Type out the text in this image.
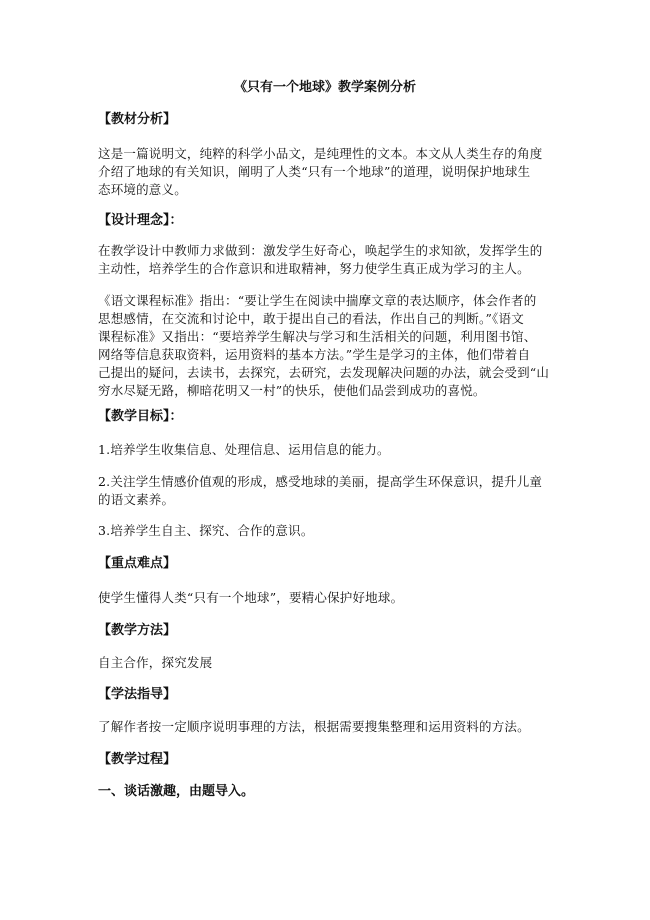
《只有一个地球》教学案例分析
【教材分析】
这是一篇说明文，纯粹的科学小品文，是纯理性的文本。本文从人类生存的角度
介绍了地球的有关知识，阐明了人类“只有一个地球”的道理，说明保护地球生
态环境的意义。
【设计理念】：
在教学设计中教师力求做到：激发学生好奇心，唤起学生的求知欲，发挥学生的
主动性，培养学生的合作意识和进取精神，努力使学生真正成为学习的主人。
《语文课程标准》指出：“要让学生在阅读中揣摩文章的表达顺序，体会作者的
思想感情，在交流和讨论中，敢于提出自己的看法，作出自己的判断。”《语文
课程标准》又指出：“要培养学生解决与学习和生活相关的问题，利用图书馆、
网络等信息获取资料，运用资料的基本方法。”学生是学习的主体，他们带着自
己提出的疑问，去读书，去探究，去研究，去发现解决问题的办法，就会受到“山
穷水尽疑无路，柳暗花明又一村”的快乐，使他们品尝到成功的喜悦。
【教学目标】：
1.培养学生收集信息、处理信息、运用信息的能力。
2.关注学生情感价值观的形成，感受地球的美丽，提高学生环保意识，提升儿童
的语文素养。
3.培养学生自主、探究、合作的意识。
【重点难点】
使学生懂得人类“只有一个地球”，要精心保护好地球。
【教学方法】
自主合作，探究发展
【学法指导】
了解作者按一定顺序说明事理的方法，根据需要搜集整理和运用资料的方法。
【教学过程】
一、谈话激趣，由题导入。
